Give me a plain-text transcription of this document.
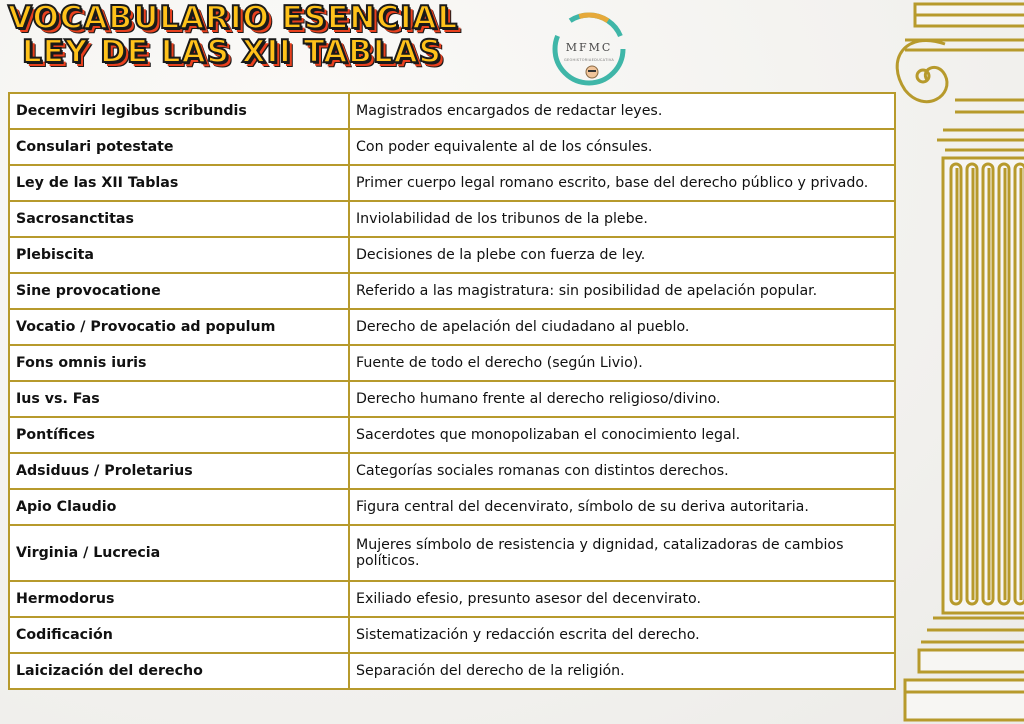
VOCABULARIO ESENCIAL
LEY DE LAS XII TABLAS	MFMC
GEOHISTORIAEDUCATIVA
Decemviri legibus scribundis	Magistrados encargados de redactar leyes.
Consulari potestate	Con poder equivalente al de los cónsules.
Ley de las XII Tablas	Primer cuerpo legal romano escrito, base del derecho público y privado.
Sacrosanctitas	Inviolabilidad de los tribunos de la plebe.
Plebiscita	Decisiones de la plebe con fuerza de ley.
Sine provocatione	Referido a las magistratura: sin posibilidad de apelación popular.
Vocatio / Provocatio ad populum	Derecho de apelación del ciudadano al pueblo.
Fons omnis iuris	Fuente de todo el derecho (según Livio).
Ius vs. Fas	Derecho humano frente al derecho religioso/divino.
Pontífices	Sacerdotes que monopolizaban el conocimiento legal.
Adsiduus / Proletarius	Categorías sociales romanas con distintos derechos.
Apio Claudio	Figura central del decenvirato, símbolo de su deriva autoritaria.
Virginia / Lucrecia	Mujeres símbolo de resistencia y dignidad, catalizadoras de cambios políticos.
Hermodorus	Exiliado efesio, presunto asesor del decenvirato.
Codificación	Sistematización y redacción escrita del derecho.
Laicización del derecho	Separación del derecho de la religión.
